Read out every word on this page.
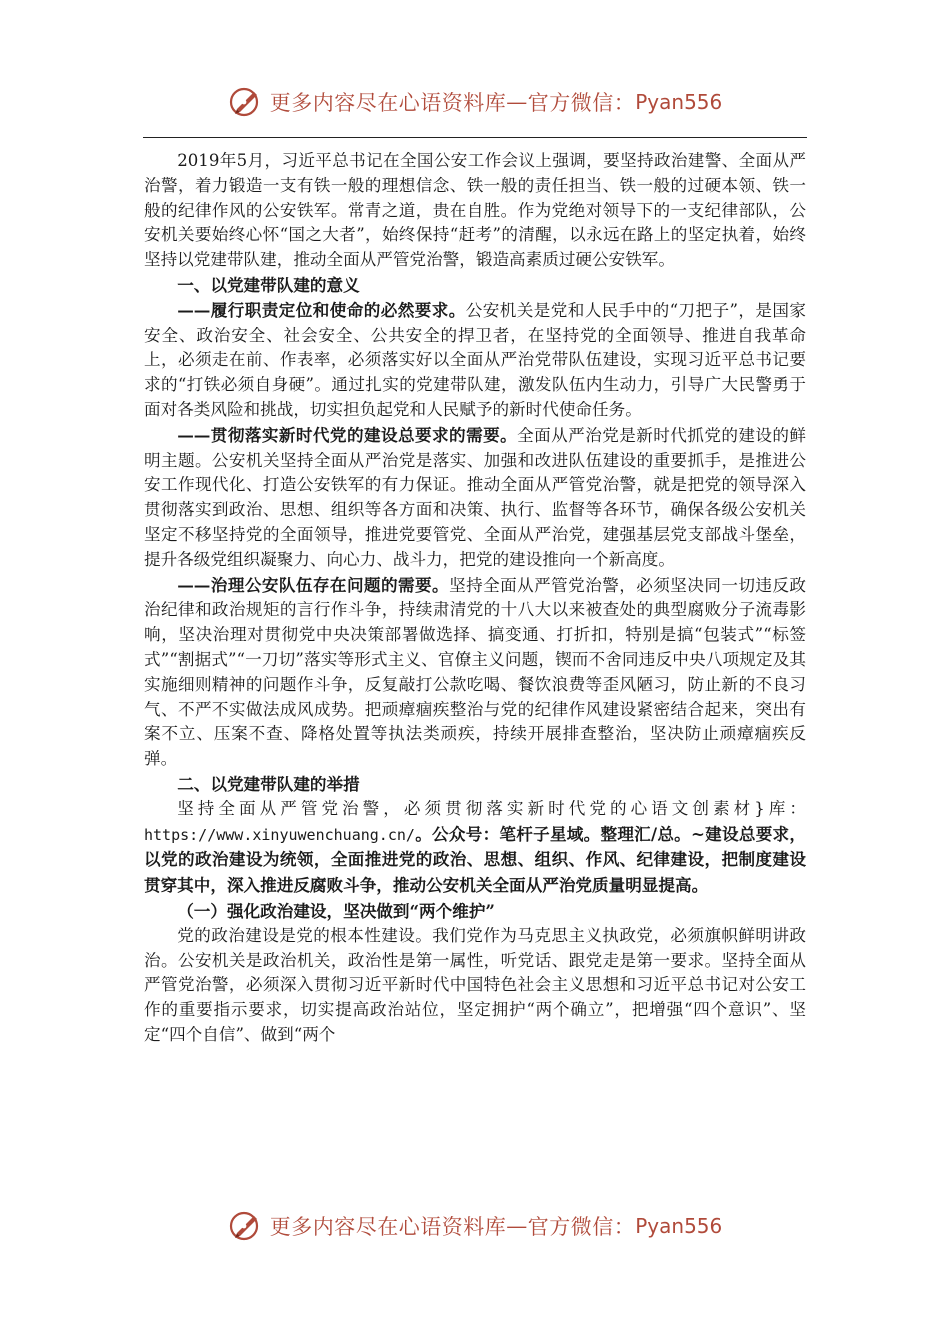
更多内容尽在心语资料库 — 官方微信： Pyan556

2019年5月，习近平总书记在全国公安工作会议上强调，要坚持政治建警、全面从严治警，着力锻造一支有铁一般的理想信念、铁一般的责任担当、铁一般的过硬本领、铁一般的纪律作风的公安铁军。常青之道，贵在自胜。作为党绝对领导下的一支纪律部队，公安机关要始终心怀“国之大者”，始终保持“赶考”的清醒，以永远在路上的坚定执着，始终坚持以党建带队建，推动全面从严管党治警，锻造高素质过硬公安铁军。

一、以党建带队建的意义

——履行职责定位和使命的必然要求。公安机关是党和人民手中的“刀把子”，是国家安全、政治安全、社会安全、公共安全的捍卫者，在坚持党的全面领导、推进自我革命上，必须走在前、作表率，必须落实好以全面从严治党带队伍建设，实现习近平总书记要求的“打铁必须自身硬”。通过扎实的党建带队建，激发队伍内生动力，引导广大民警勇于面对各类风险和挑战，切实担负起党和人民赋予的新时代使命任务。

——贯彻落实新时代党的建设总要求的需要。全面从严治党是新时代抓党的建设的鲜明主题。公安机关坚持全面从严治党是落实、加强和改进队伍建设的重要抓手，是推进公安工作现代化、打造公安铁军的有力保证。推动全面从严管党治警，就是把党的领导深入贯彻落实到政治、思想、组织等各方面和决策、执行、监督等各环节，确保各级公安机关坚定不移坚持党的全面领导，推进党要管党、全面从严治党，建强基层党支部战斗堡垒，提升各级党组织凝聚力、向心力、战斗力，把党的建设推向一个新高度。

——治理公安队伍存在问题的需要。坚持全面从严管党治警，必须坚决同一切违反政治纪律和政治规矩的言行作斗争，持续肃清党的十八大以来被查处的典型腐败分子流毒影响，坚决治理对贯彻党中央决策部署做选择、搞变通、打折扣，特别是搞“包装式”“标签式”“割据式”“一刀切”落实等形式主义、官僚主义问题，锲而不舍同违反中央八项规定及其实施细则精神的问题作斗争，反复敲打公款吃喝、餐饮浪费等歪风陋习，防止新的不良习气、不严不实做法成风成势。把顽瘴痼疾整治与党的纪律作风建设紧密结合起来，突出有案不立、压案不查、降格处置等执法类顽疾，持续开展排查整治，坚决防止顽瘴痼疾反弹。

二、以党建带队建的举措

坚持全面从严管党治警，必须贯彻落实新时代党的心语文创素材}库：https://www.xinyuwenchuang.cn/。公众号：笔杆子星域。整理汇/总。~建设总要求，以党的政治建设为统领，全面推进党的政治、思想、组织、作风、纪律建设，把制度建设贯穿其中，深入推进反腐败斗争，推动公安机关全面从严治党质量明显提高。

（一）强化政治建设，坚决做到“两个维护”

党的政治建设是党的根本性建设。我们党作为马克思主义执政党，必须旗帜鲜明讲政治。公安机关是政治机关，政治性是第一属性，听党话、跟党走是第一要求。坚持全面从严管党治警，必须深入贯彻习近平新时代中国特色社会主义思想和习近平总书记对公安工作的重要指示要求，切实提高政治站位，坚定拥护“两个确立”，把增强“四个意识”、坚定“四个自信”、做到“两个

更多内容尽在心语资料库 — 官方微信： Pyan556
